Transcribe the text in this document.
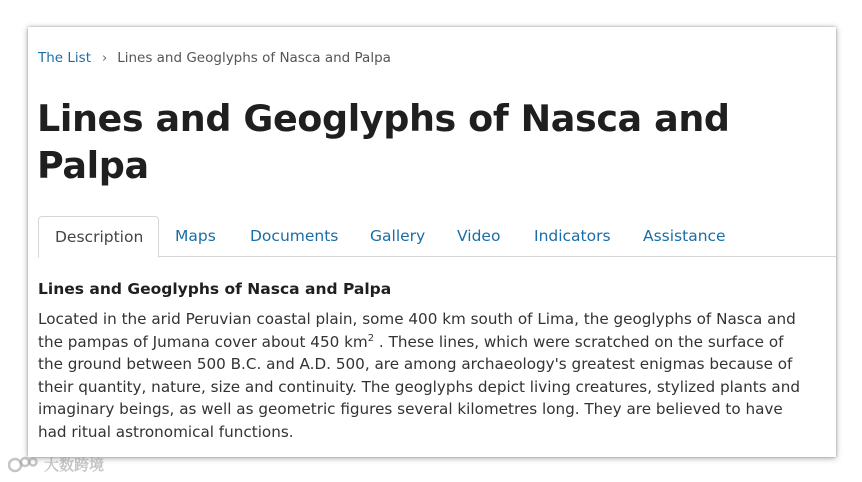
The List › Lines and Geoglyphs of Nasca and Palpa
Lines and Geoglyphs of Nasca and Palpa
Description	Maps Documents Gallery Video Indicators Assistance
Lines and Geoglyphs of Nasca and Palpa

Located in the arid Peruvian coastal plain, some 400 km south of Lima, the geoglyphs of Nasca and the pampas of Jumana cover about 450 $km^2$ . These lines, which were scratched on the surface of the ground between 500 B.C. and A.D. 500, are among archaeology's greatest enigmas because of their quantity, nature, size and continuity. The geoglyphs depict living creatures, stylized plants and imaginary beings, as well as geometric figures several kilometres long. They are believed to have had ritual astronomical functions.

大数跨境
